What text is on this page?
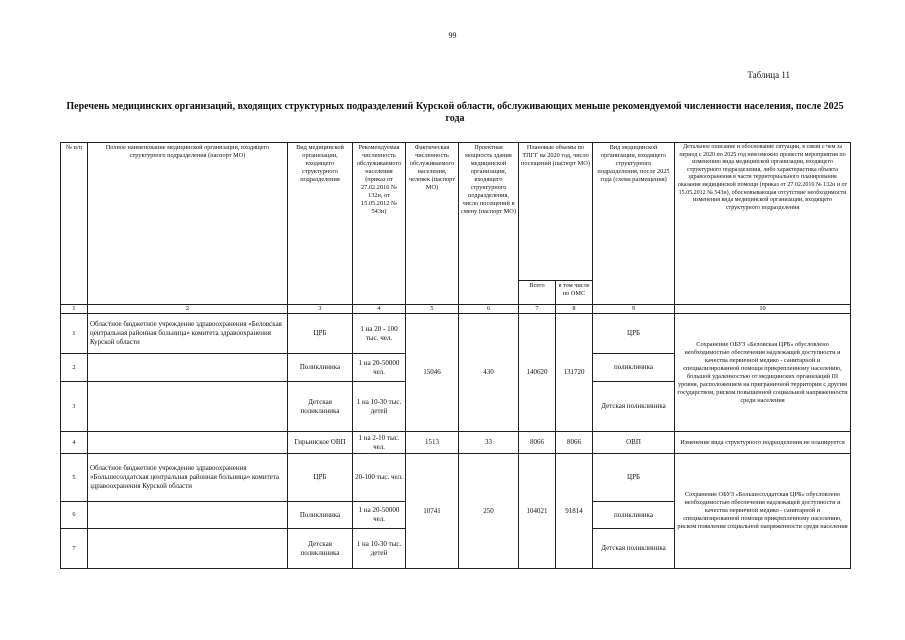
99
Таблица 11
Перечень медицинских организаций, входящих структурных подразделений Курской области, обслуживающих меньше рекомендуемой численности населения, после 2025 года
№ п/п	Полное наименование медицинской организации, входящего структурного подразделения (паспорт МО)	Вид медицинской организации, входящего структурного подразделения	Рекомендуемая численность обслуживаемого населения (приказ от 27.02.2016 № 132н, от 15.05.2012 № 543н)	Фактическая численность обслуживаемого населения, человек (паспорт МО)	Проектная мощность здания медицинской организации, входящего структурного подразделения, число посещений в смену (паспорт МО)	Плановые объемы по ТПГГ на 2020 год, число посещений (паспорт МО)		Вид медицинской организации, входящего структурного подразделения, после 2025 года (схема размещения)	Детальное описание и обоснование ситуации, в связи с чем за период с 2020 по 2025 год невозможно провести мероприятия по изменению вида медицинской организации, входящего структурного подразделения, либо характеристика объекта здравоохранения в части территориального планирования оказания медицинской помощи (приказ от 27.02.2016 № 132н и от 15.05.2012 № 543н), обосновывающая отсутствие необходимости изменения вида медицинской организации, входящего структурного подразделения
						Всего	в том числе по ОМС		
1	2	3	4	5	6	7	8	9	10
1	Областное бюджетное учреждение здравоохранения «Беловская центральная районная больница» комитета здравоохранения Курской области	ЦРБ	1 на 20 - 100 тыс. чел.	15046	430	140620	131720	ЦРБ	Сохранение ОБУЗ «Беловская ЦРБ» обусловлено необходимостью обеспечения надлежащей доступности и качества первичной медико - санитарной и специализированной помощи прикрепленному населению, большой удаленностью от медицинских организаций III уровня, расположением на приграничной территории с другим государством, риском повышенной социальной напряженности среди населения
2		Поликлиника	1 на 20-50000 чел.					поликлиника	
3		Детская поликлиника	1 на 10-30 тыс. детей					Детская поликлиника	
4		Гирьинское ОВП	1 на 2-10 тыс. чел.	1513	33	8066	8066	ОВП	Изменение вида структурного подразделения не планируется
5	Областное бюджетное учреждение здравоохранения «Большесолдатская центральная районная больница» комитета здравоохранения Курской области	ЦРБ	20-100 тыс. чел.	10741	250	104021	91814	ЦРБ	Сохранение ОБУЗ «Большесолдатская ЦРБ» обусловлено необходимостью обеспечения надлежащей доступности и качества первичной медико - санитарной и специализированной помощи прикрепленному населению, риском появления социальной напряженности среди населения
6		Поликлиника	1 на 20-50000 чел.					поликлиника	
7		Детская поликлиника	1 на 10-30 тыс. детей					Детская поликлиника	
